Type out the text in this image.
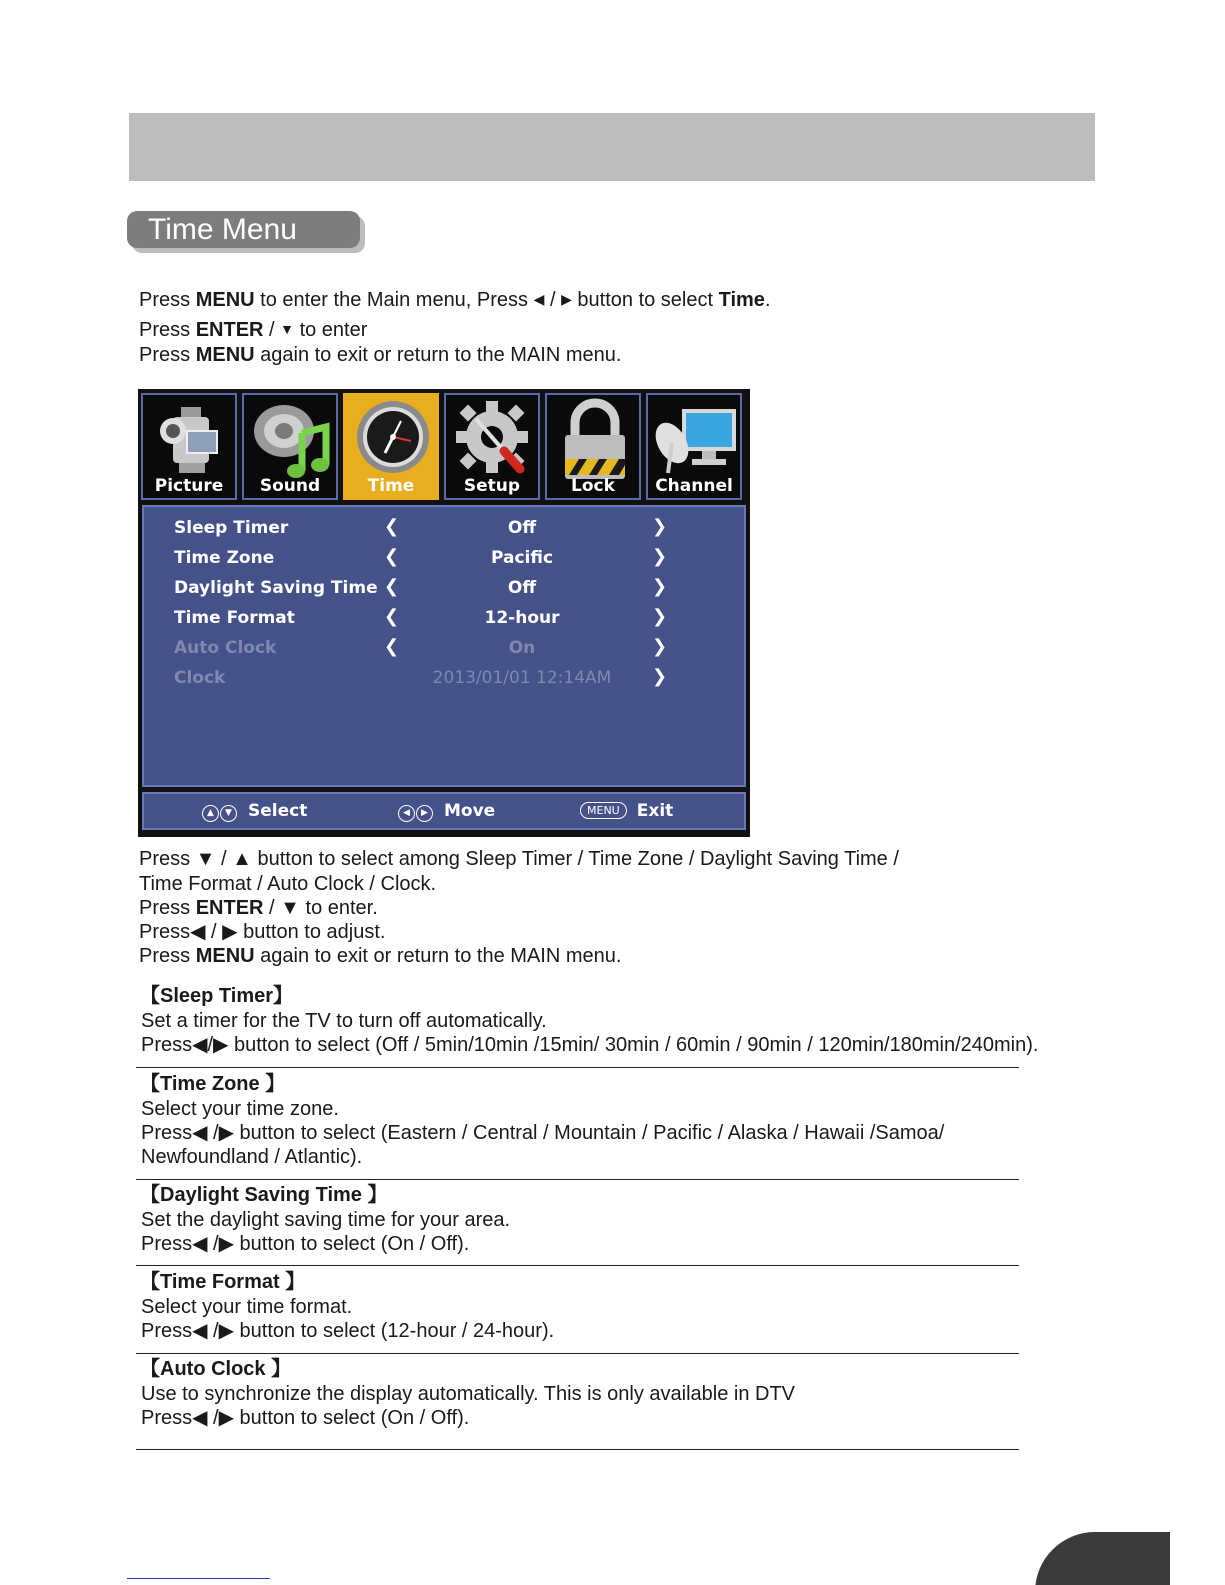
Time Menu
Press MENU to enter the Main menu, Press ◀ / ▶ button to select Time.
Press ENTER / ▼ to enter
Press MENU again to exit or return to the MAIN menu.
Picture	Sound	Time	Setup	Lock	Channel
Sleep Timer	❮	Off	❯
Time Zone	❮	Pacific	❯
Daylight Saving Time ❮	Off	❯
Time Format	❮	12-hour	❯
Auto Clock	❮	On	❯
Clock	2013/01/01 12:14AM	❯
▲ ▼ Select	◀ ▶ Move	MENU Exit
Press ▼ / ▲ button to select among Sleep Timer / Time Zone / Daylight Saving Time /
Time Format / Auto Clock / Clock.
Press ENTER / ▼ to enter.
Press◀ / ▶ button to adjust.
Press MENU again to exit or return to the MAIN menu.
【Sleep Timer】
Set a timer for the TV to turn off automatically.
Press◀/▶ button to select (Off / 5min/10min /15min/ 30min / 60min / 90min / 120min/180min/240min).
【Time Zone 】
Select your time zone.
Press◀ /▶ button to select (Eastern / Central / Mountain / Pacific / Alaska / Hawaii /Samoa/
Newfoundland / Atlantic).
【Daylight Saving Time 】
Set the daylight saving time for your area.
Press◀ /▶ button to select (On / Off).
【Time Format 】
Select your time format.
Press◀ /▶ button to select (12-hour / 24-hour).
【Auto Clock 】
Use to synchronize the display automatically. This is only available in DTV
Press◀ /▶ button to select (On / Off).
